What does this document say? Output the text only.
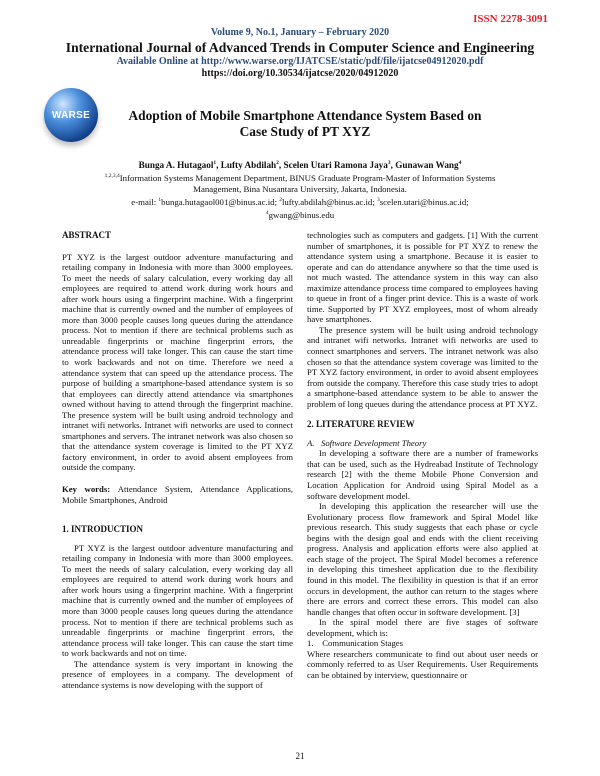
ISSN 2278-3091
Volume 9, No.1, January – February 2020
International Journal of Advanced Trends in Computer Science and Engineering
Available Online at http://www.warse.org/IJATCSE/static/pdf/file/ijatcse04912020.pdf
https://doi.org/10.30534/ijatcse/2020/04912020
WARSE	Adoption of Mobile Smartphone Attendance System Based on
Case Study of PT XYZ
Bunga A. Hutagaol$^1$, Lufty Abdilah$^2$, Scelen Utari Ramona Jaya$^3$, Gunawan Wang$^4$
$^{1,2,3,4}$Information Systems Management Department, BINUS Graduate Program-Master of Information Systems Management, Bina Nusantara University, Jakarta, Indonesia.
e-mail: $^1$bunga.hutagaol001@binus.ac.id; $^2$lufty.abdilah@binus.ac.id; $^3$scelen.utari@binus.ac.id;
$^4$gwang@binus.edu

ABSTRACT

PT XYZ is the largest outdoor adventure manufacturing and retailing company in Indonesia with more than 3000 employees. To meet the needs of salary calculation, every working day all employees are required to attend work during work hours and after work hours using a fingerprint machine. With a fingerprint machine that is currently owned and the number of employees of more than 3000 people causes long queues during the attendance process. Not to mention if there are technical problems such as unreadable fingerprints or machine fingerprint errors, the attendance process will take longer. This can cause the start time to work backwards and not on time. Therefore we need a attendance system that can speed up the attendance process. The purpose of building a smartphone-based attendance system is so that employees can directly attend attendance via smartphones owned without having to attend through the fingerprint machine. The presence system will be built using android technology and intranet wifi networks. Intranet wifi networks are used to connect smartphones and servers. The intranet network was also chosen so that the attendance system coverage is limited to the PT XYZ factory environment, in order to avoid absent employees from outside the company.

Key words: Attendance System, Attendance Applications, Mobile Smartphones, Android

1. INTRODUCTION

PT XYZ is the largest outdoor adventure manufacturing and retailing company in Indonesia with more than 3000 employees. To meet the needs of salary calculation, every working day all employees are required to attend work during work hours and after work hours using a fingerprint machine. With a fingerprint machine that is currently owned and the number of employees of more than 3000 people causes long queues during the attendance process. Not to mention if there are technical problems such as unreadable fingerprints or machine fingerprint errors, the attendance process will take longer. This can cause the start time to work backwards and not on time.

The attendance system is very important in knowing the presence of employees in a company. The development of attendance systems is now developing with the support of

technologies such as computers and gadgets. [1] With the current number of smartphones, it is possible for PT XYZ to renew the attendance system using a smartphone. Because it is easier to operate and can do attendance anywhere so that the time used is not much wasted. The attendance system in this way can also maximize attendance process time compared to employees having to queue in front of a finger print device. This is a waste of work time. Supported by PT XYZ employees, most of whom already have smartphones.

The presence system will be built using android technology and intranet wifi networks. Intranet wifi networks are used to connect smartphones and servers. The intranet network was also chosen so that the attendance system coverage was limited to the PT XYZ factory environment, in order to avoid absent employees from outside the company. Therefore this case study tries to adopt a smartphone-based attendance system to be able to answer the problem of long queues during the attendance process at PT XYZ.

2. LITERATURE REVIEW

A.   Software Development Theory

In developing a software there are a number of frameworks that can be used, such as the Hydreabad Institute of Technology research [2] with the theme Mobile Phone Conversion and Location Application for Android using Spiral Model as a software development model.

In developing this application the researcher will use the Evolutionary process flow framework and Spiral Model like previous research. This study suggests that each phase or cycle begins with the design goal and ends with the client receiving progress. Analysis and application efforts were also applied at each stage of the project. The Spiral Model becomes a reference in developing this timesheet application due to the flexibility found in this model. The flexibility in question is that if an error occurs in development, the author can return to the stages where there are errors and correct these errors. This model can also handle changes that often occur in software development. [3]

In the spiral model there are five stages of software development, which is:

1.    Communication Stages

Where researchers communicate to find out about user needs or commonly referred to as User Requirements. User Requirements can be obtained by interview, questionnaire or

21
